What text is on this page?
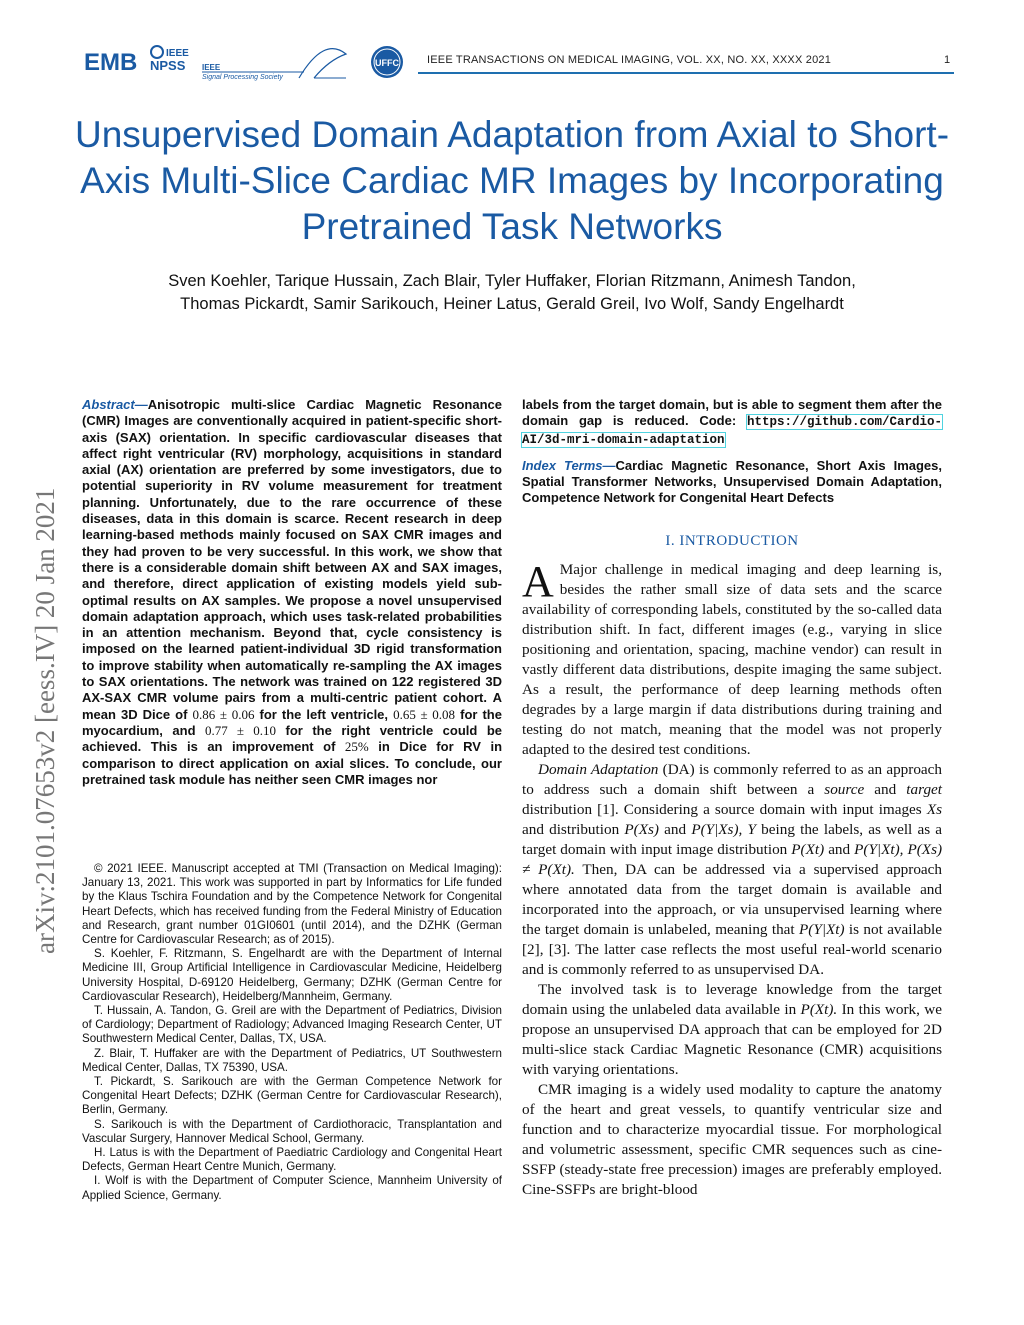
EMB	IEEE
NPSS IEEE
Signal Processing Society
UFFC	IEEE TRANSACTIONS ON MEDICAL IMAGING, VOL. XX, NO. XX, XXXX 2021	1
Unsupervised Domain Adaptation from Axial to Short-Axis Multi-Slice Cardiac MR Images by Incorporating Pretrained Task Networks
Sven Koehler, Tarique Hussain, Zach Blair, Tyler Huffaker, Florian Ritzmann, Animesh Tandon,
Thomas Pickardt, Samir Sarikouch, Heiner Latus, Gerald Greil, Ivo Wolf, Sandy Engelhardt
arXiv:2101.07653v2 [eess.IV] 20 Jan 2021

Abstract—Anisotropic multi-slice Cardiac Magnetic Resonance (CMR) Images are conventionally acquired in patient-specific short-axis (SAX) orientation. In specific cardiovascular diseases that affect right ventricular (RV) morphology, acquisitions in standard axial (AX) orientation are preferred by some investigators, due to potential superiority in RV volume measurement for treatment planning. Unfortunately, due to the rare occurrence of these diseases, data in this domain is scarce. Recent research in deep learning-based methods mainly focused on SAX CMR images and they had proven to be very successful. In this work, we show that there is a considerable domain shift between AX and SAX images, and therefore, direct application of existing models yield sub-optimal results on AX samples. We propose a novel unsupervised domain adaptation approach, which uses task-related probabilities in an attention mechanism. Beyond that, cycle consistency is imposed on the learned patient-individual 3D rigid transformation to improve stability when automatically re-sampling the AX images to SAX orientations. The network was trained on 122 registered 3D AX-SAX CMR volume pairs from a multi-centric patient cohort. A mean 3D Dice of 0.86 ± 0.06 for the left ventricle, 0.65 ± 0.08 for the myocardium, and 0.77 ± 0.10 for the right ventricle could be achieved. This is an improvement of 25% in Dice for RV in comparison to direct application on axial slices. To conclude, our pretrained task module has neither seen CMR images nor

© 2021 IEEE. Manuscript accepted at TMI (Transaction on Medical Imaging): January 13, 2021. This work was supported in part by Informatics for Life funded by the Klaus Tschira Foundation and by the Competence Network for Congenital Heart Defects, which has received funding from the Federal Ministry of Education and Research, grant number 01GI0601 (until 2014), and the DZHK (German Centre for Cardiovascular Research; as of 2015).

S. Koehler, F. Ritzmann, S. Engelhardt are with the Department of Internal Medicine III, Group Artificial Intelligence in Cardiovascular Medicine, Heidelberg University Hospital, D-69120 Heidelberg, Germany; DZHK (German Centre for Cardiovascular Research), Heidelberg/Mannheim, Germany.

T. Hussain, A. Tandon, G. Greil are with the Department of Pediatrics, Division of Cardiology; Department of Radiology; Advanced Imaging Research Center, UT Southwestern Medical Center, Dallas, TX, USA.

Z. Blair, T. Huffaker are with the Department of Pediatrics, UT Southwestern Medical Center, Dallas, TX 75390, USA.

T. Pickardt, S. Sarikouch are with the German Competence Network for Congenital Heart Defects; DZHK (German Centre for Cardiovascular Research), Berlin, Germany.

S. Sarikouch is with the Department of Cardiothoracic, Transplantation and Vascular Surgery, Hannover Medical School, Germany.

H. Latus is with the Department of Paediatric Cardiology and Congenital Heart Defects, German Heart Centre Munich, Germany.

I. Wolf is with the Department of Computer Science, Mannheim University of Applied Science, Germany.

labels from the target domain, but is able to segment them after the domain gap is reduced. Code: https://github.com/Cardio-AI/3d-mri-domain-adaptation

Index Terms—Cardiac Magnetic Resonance, Short Axis Images, Spatial Transformer Networks, Unsupervised Domain Adaptation, Competence Network for Congenital Heart Defects

I. INTRODUCTION

A Major challenge in medical imaging and deep learning is, besides the rather small size of data sets and the scarce availability of corresponding labels, constituted by the so-called data distribution shift. In fact, different images (e.g., varying in slice positioning and orientation, spacing, machine vendor) can result in vastly different data distributions, despite imaging the same subject. As a result, the performance of deep learning methods often degrades by a large margin if data distributions during training and testing do not match, meaning that the model was not properly adapted to the desired test conditions.

Domain Adaptation (DA) is commonly referred to as an approach to address such a domain shift between a source and target distribution [1]. Considering a source domain with input images Xs and distribution P(Xs) and P(Y|Xs), Y being the labels, as well as a target domain with input image distribution P(Xt) and P(Y|Xt), P(Xs) ≠ P(Xt). Then, DA can be addressed via a supervised approach where annotated data from the target domain is available and incorporated into the approach, or via unsupervised learning where the target domain is unlabeled, meaning that P(Y|Xt) is not available [2], [3]. The latter case reflects the most useful real-world scenario and is commonly referred to as unsupervised DA.

The involved task is to leverage knowledge from the target domain using the unlabeled data available in P(Xt). In this work, we propose an unsupervised DA approach that can be employed for 2D multi-slice stack Cardiac Magnetic Resonance (CMR) acquisitions with varying orientations.

CMR imaging is a widely used modality to capture the anatomy of the heart and great vessels, to quantify ventricular size and function and to characterize myocardial tissue. For morphological and volumetric assessment, specific CMR sequences such as cine-SSFP (steady-state free precession) images are preferably employed. Cine-SSFPs are bright-blood
